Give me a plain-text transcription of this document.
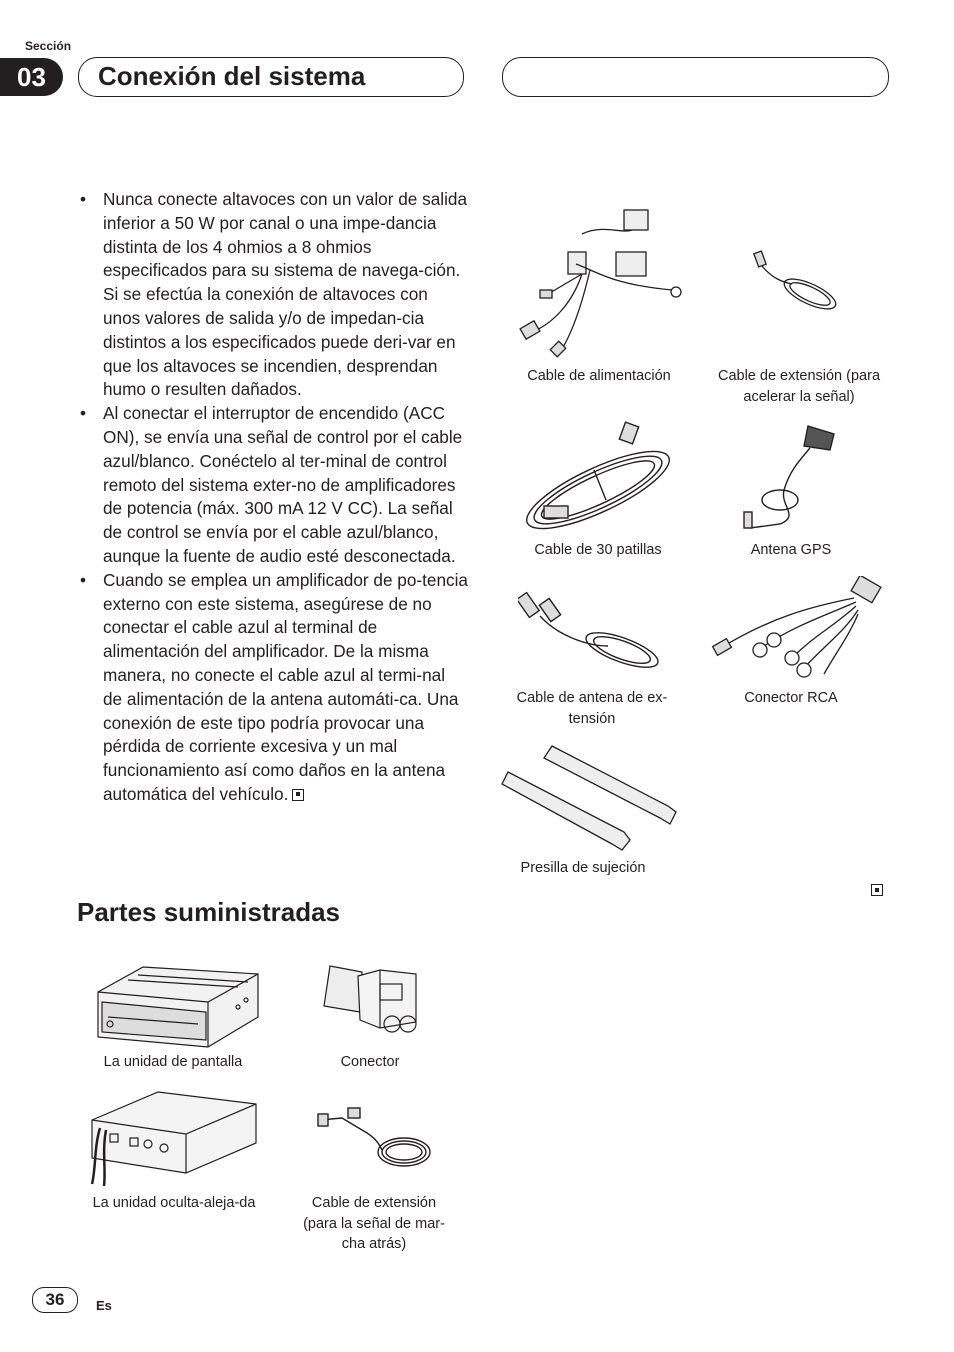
Sección
03	Conexión del sistema
• Nunca conecte altavoces con un valor de salida inferior a 50 W por canal o una impe-dancia distinta de los 4 ohmios a 8 ohmios especificados para su sistema de navega-ción. Si se efectúa la conexión de altavoces con unos valores de salida y/o de impedan-cia distintos a los especificados puede deri-var en que los altavoces se incendien, desprendan humo o resulten dañados.
• Al conectar el interruptor de encendido (ACC ON), se envía una señal de control por el cable azul/blanco. Conéctelo al ter-minal de control remoto del sistema exter-no de amplificadores de potencia (máx. 300 mA 12 V CC). La señal de control se envía por el cable azul/blanco, aunque la fuente de audio esté desconectada.
• Cuando se emplea un amplificador de po-tencia externo con este sistema, asegúrese de no conectar el cable azul al terminal de alimentación del amplificador. De la misma manera, no conecte el cable azul al termi-nal de alimentación de la antena automáti-ca. Una conexión de este tipo podría provocar una pérdida de corriente excesiva y un mal funcionamiento así como daños en la antena automática del vehículo.
Partes suministradas
La unidad de pantalla	Conector
La unidad oculta-aleja-da	Cable de extensión (para la señal de mar-cha atrás)
Cable de alimentación	Cable de extensión (para acelerar la señal)
Cable de 30 patillas	Antena GPS
Cable de antena de ex-tensión
Conector RCA
Presilla de sujeción
36	Es
